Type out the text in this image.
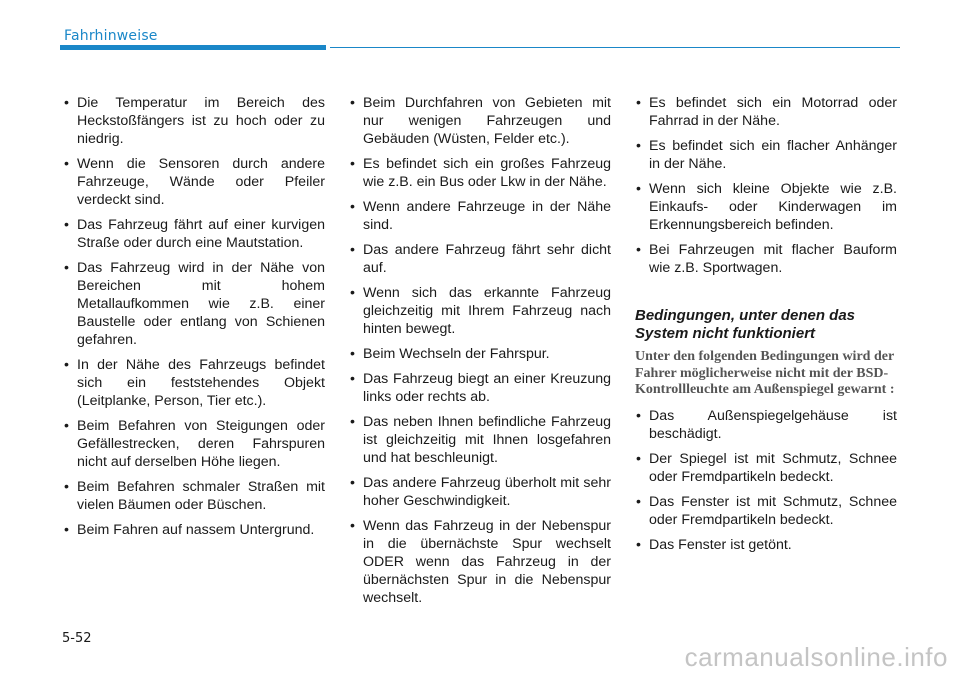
Fahrhinweise
• Die Temperatur im Bereich des Heckstoßfängers ist zu hoch oder zu niedrig.
• Wenn die Sensoren durch andere Fahrzeuge, Wände oder Pfeiler verdeckt sind.
• Das Fahrzeug fährt auf einer kurvigen Straße oder durch eine Mautstation.
• Das Fahrzeug wird in der Nähe von Bereichen mit hohem Metallaufkommen wie z.B. einer Baustelle oder entlang von Schienen gefahren.
• In der Nähe des Fahrzeugs befindet sich ein feststehendes Objekt (Leitplanke, Person, Tier etc.).
• Beim Befahren von Steigungen oder Gefällestrecken, deren Fahrspuren nicht auf derselben Höhe liegen.
• Beim Befahren schmaler Straßen mit vielen Bäumen oder Büschen.
• Beim Fahren auf nassem Untergrund.
• Beim Durchfahren von Gebieten mit nur wenigen Fahrzeugen und Gebäuden (Wüsten, Felder etc.).
• Es befindet sich ein großes Fahrzeug wie z.B. ein Bus oder Lkw in der Nähe.
• Wenn andere Fahrzeuge in der Nähe sind.
• Das andere Fahrzeug fährt sehr dicht auf.
• Wenn sich das erkannte Fahrzeug gleichzeitig mit Ihrem Fahrzeug nach hinten bewegt.
• Beim Wechseln der Fahrspur.
• Das Fahrzeug biegt an einer Kreuzung links oder rechts ab.
• Das neben Ihnen befindliche Fahrzeug ist gleichzeitig mit Ihnen losgefahren und hat beschleunigt.
• Das andere Fahrzeug überholt mit sehr hoher Geschwindigkeit.
• Wenn das Fahrzeug in der Nebenspur in die übernächste Spur wechselt ODER wenn das Fahrzeug in der übernächsten Spur in die Nebenspur wechselt.
• Es befindet sich ein Motorrad oder Fahrrad in der Nähe.
• Es befindet sich ein flacher Anhänger in der Nähe.
• Wenn sich kleine Objekte wie z.B. Einkaufs- oder Kinderwagen im Erkennungsbereich befinden.
• Bei Fahrzeugen mit flacher Bauform wie z.B. Sportwagen.
Bedingungen, unter denen das System nicht funktioniert
Unter den folgenden Bedingungen wird der Fahrer möglicherweise nicht mit der BSD-Kontrollleuchte am Außenspiegel gewarnt :
• Das Außenspiegelgehäuse ist beschädigt.
• Der Spiegel ist mit Schmutz, Schnee oder Fremdpartikeln bedeckt.
• Das Fenster ist mit Schmutz, Schnee oder Fremdpartikeln bedeckt.
• Das Fenster ist getönt.
5-52
carmanualsonline.info
